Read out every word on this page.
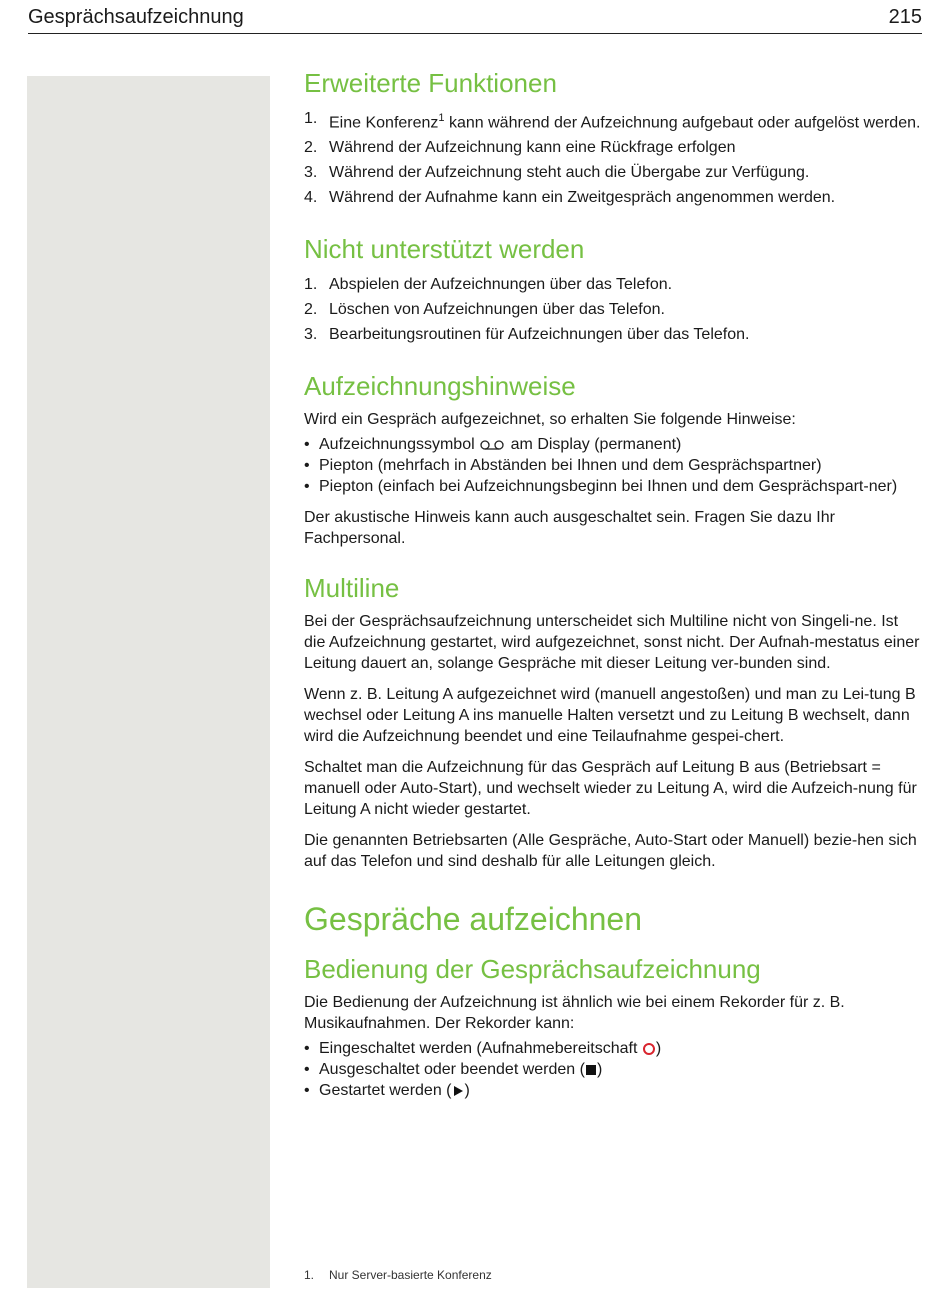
Gesprächsaufzeichnung	215
Erweiterte Funktionen
1. Eine Konferenz$^1$ kann während der Aufzeichnung aufgebaut oder aufgelöst werden.
2. Während der Aufzeichnung kann eine Rückfrage erfolgen
3. Während der Aufzeichnung steht auch die Übergabe zur Verfügung.
4. Während der Aufnahme kann ein Zweitgespräch angenommen werden.
Nicht unterstützt werden
1. Abspielen der Aufzeichnungen über das Telefon.
2. Löschen von Aufzeichnungen über das Telefon.
3. Bearbeitungsroutinen für Aufzeichnungen über das Telefon.
Aufzeichnungshinweise

Wird ein Gespräch aufgezeichnet, so erhalten Sie folgende Hinweise:

• Aufzeichnungssymbol am Display (permanent)
• Piepton (mehrfach in Abständen bei Ihnen und dem Gesprächspartner)
• Piepton (einfach bei Aufzeichnungsbeginn bei Ihnen und dem Gesprächspart-ner)

Der akustische Hinweis kann auch ausgeschaltet sein. Fragen Sie dazu Ihr Fachpersonal.

Multiline

Bei der Gesprächsaufzeichnung unterscheidet sich Multiline nicht von Singeli-ne. Ist die Aufzeichnung gestartet, wird aufgezeichnet, sonst nicht. Der Aufnah-mestatus einer Leitung dauert an, solange Gespräche mit dieser Leitung ver-bunden sind.

Wenn z. B. Leitung A aufgezeichnet wird (manuell angestoßen) und man zu Lei-tung B wechsel oder Leitung A ins manuelle Halten versetzt und zu Leitung B wechselt, dann wird die Aufzeichnung beendet und eine Teilaufnahme gespei-chert.

Schaltet man die Aufzeichnung für das Gespräch auf Leitung B aus (Betriebsart = manuell oder Auto-Start), und wechselt wieder zu Leitung A, wird die Aufzeich-nung für Leitung A nicht wieder gestartet.

Die genannten Betriebsarten (Alle Gespräche, Auto-Start oder Manuell) bezie-hen sich auf das Telefon und sind deshalb für alle Leitungen gleich.

Gespräche aufzeichnen
Bedienung der Gesprächsaufzeichnung

Die Bedienung der Aufzeichnung ist ähnlich wie bei einem Rekorder für z. B. Musikaufnahmen. Der Rekorder kann:

• Eingeschaltet werden (Aufnahmebereitschaft )
• Ausgeschaltet oder beendet werden ( )
• Gestartet werden ( )
1. Nur Server-basierte Konferenz
